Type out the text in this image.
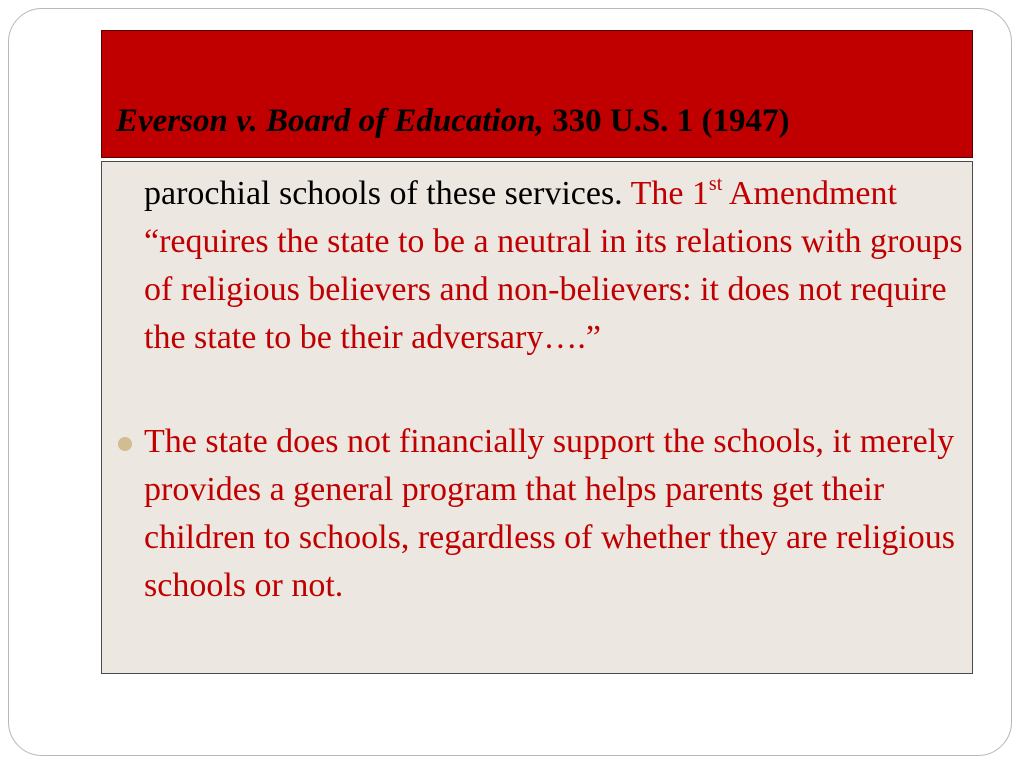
Everson v. Board of Education, 330 U.S. 1 (1947)

parochial schools of these services. The 1st Amendment “requires the state to be a neutral in its relations with groups of religious believers and non-believers: it does not require the state to be their adversary….”

The state does not financially support the schools, it merely provides a general program that helps parents get their children to schools, regardless of whether they are religious schools or not.
